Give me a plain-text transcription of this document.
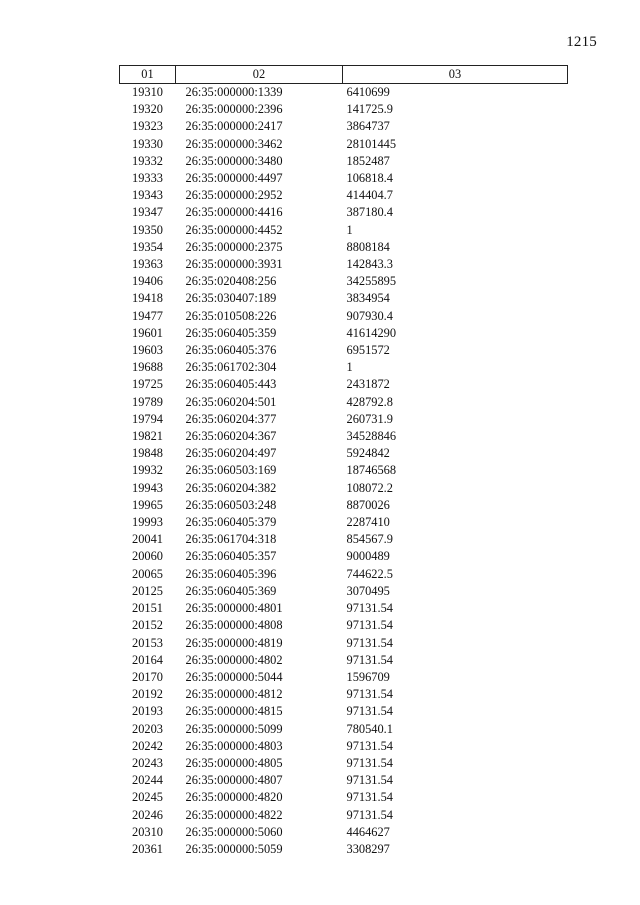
1215
01	02	03
19310	26:35:000000:1339	6410699
19320	26:35:000000:2396	141725.9
19323	26:35:000000:2417	3864737
19330	26:35:000000:3462	28101445
19332	26:35:000000:3480	1852487
19333	26:35:000000:4497	106818.4
19343	26:35:000000:2952	414404.7
19347	26:35:000000:4416	387180.4
19350	26:35:000000:4452	1
19354	26:35:000000:2375	8808184
19363	26:35:000000:3931	142843.3
19406	26:35:020408:256	34255895
19418	26:35:030407:189	3834954
19477	26:35:010508:226	907930.4
19601	26:35:060405:359	41614290
19603	26:35:060405:376	6951572
19688	26:35:061702:304	1
19725	26:35:060405:443	2431872
19789	26:35:060204:501	428792.8
19794	26:35:060204:377	260731.9
19821	26:35:060204:367	34528846
19848	26:35:060204:497	5924842
19932	26:35:060503:169	18746568
19943	26:35:060204:382	108072.2
19965	26:35:060503:248	8870026
19993	26:35:060405:379	2287410
20041	26:35:061704:318	854567.9
20060	26:35:060405:357	9000489
20065	26:35:060405:396	744622.5
20125	26:35:060405:369	3070495
20151	26:35:000000:4801	97131.54
20152	26:35:000000:4808	97131.54
20153	26:35:000000:4819	97131.54
20164	26:35:000000:4802	97131.54
20170	26:35:000000:5044	1596709
20192	26:35:000000:4812	97131.54
20193	26:35:000000:4815	97131.54
20203	26:35:000000:5099	780540.1
20242	26:35:000000:4803	97131.54
20243	26:35:000000:4805	97131.54
20244	26:35:000000:4807	97131.54
20245	26:35:000000:4820	97131.54
20246	26:35:000000:4822	97131.54
20310	26:35:000000:5060	4464627
20361	26:35:000000:5059	3308297
